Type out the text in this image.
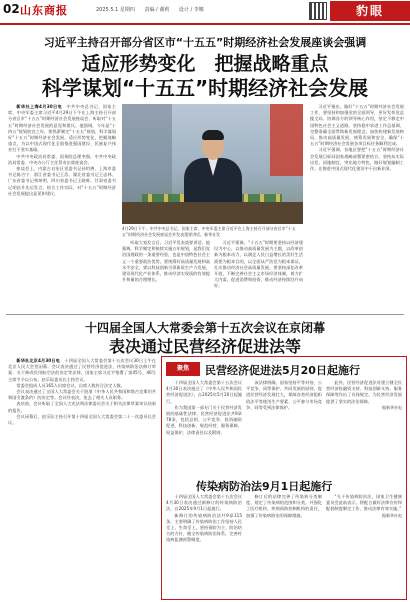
02 山东商报	2025.5.1 星期四 责编 / 谢莉 设计 / 李娜	豹眼
习近平主持召开部分省区市“十五五”时期经济社会发展座谈会强调
适应形势变化　把握战略重点
科学谋划“十五五”时期经济社会发展

新华社上海4月30日电　 中共中央总书记、国家主席、中央军委主席习近平4月29日下午在上海主持召开部分省区市“十五五”时期经济社会发展座谈会，听取对“十五五”时期经济社会发展的意见和建议。他强调，今年是“十四五”规划收官之年，要抓紧制定“十五五”规划，科学谋划好“十五五”时期经济社会发展，适应形势变化，把握战略重点，为以中国式现代化全面推进强国建设、民族复兴伟业打下坚实基础。

中共中央政治局常委、国务院总理李强，中共中央政治局常委、中央办公厅主任蔡奇出席座谈会。

座谈会上，内蒙古自治区党委书记孙绍骋、上海市委书记陈吉宁、浙江省委书记王浩、湖北省委书记王忠林、广东省委书记黄坤明、四川省委书记王晓晖、甘肃省委书记胡昌升先后发言，结合工作实际，对“十五五”时期经济社会发展提出意见和建议。

4月29日下午，中共中央总书记、国家主席、中央军委主席习近平在上海主持召开部分省区市“十五五”时期经济社会发展座谈会并发表重要讲话。新华社发

听取大家发言后，习近平发表重要讲话。他强调，科学制定和接续实施五年规划，是我们党治国理政的一条重要经验，也是中国特色社会主义一个重要政治优势。要统筹好高质量发展和高水平安全，要以科技创新引领新质生产力发展，建设现代化产业体系，推动经济实现质的有效提升和量的合理增长。

习近平强调，“十五五”时期要坚持以经济建设为中心，以推动高质量发展为主题，以改革创新为根本动力，以满足人民日益增长的美好生活需要为根本目的，以全面从严治党为根本保证，扎实推动经济社会高质量发展。要坚持深化改革开放，不断完善社会主义市场经济体制，着力扩大内需，促进消费和投资，推动经济持续回升向好。

习近平指出，做好“十五五”时期经济社会发展工作，要坚持和加强党的全面领导，更好发挥党总揽全局、协调各方的领导核心作用，坚定不移走中国特色社会主义道路，坚持稳中求进工作总基调，完整准确全面贯彻新发展理念，加快构建新发展格局，推动高质量发展，统筹发展和安全，确保“十五五”时期经济社会发展各项目标任务顺利完成。

习近平强调，各地区要把“十五五”时期经济社会发展目标同国家战略部署紧密结合，坚持从实际出发，因地制宜，突出地方特色，做好规划编制工作，在推进中国式现代化建设中干出新业绩。

十四届全国人大常委会第十五次会议在京闭幕
表决通过民营经济促进法等

新华社北京4月30日电　 十四届全国人大常委会第十五次会议30日上午在北京人民大会堂闭幕。会议表决通过了民营经济促进法、传染病防治法修订草案、关于修改民用航空法的决定等法律。国家主席习近平签署了第45号、46号主席令予以公布。赵乐际委员长主持会议。

常委会组成人员165人出席会议，出席人数符合法定人数。

会议表决通过了全国人大常委会关于批准《中华人民共和国和塔吉克斯坦共和国引渡条约》的决定等。会议经表决，免去了相关人员职务。

表决前，会议听取了全国人大宪法和法律委员会关于相关法律草案审议结果的报告。

会议闭幕后，赵乐际主持召开第十四届全国人大常委会第二十一次委员长会议。

聚焦	民营经济促进法5月20日起施行

十四届全国人大常委会第十五次会议4月30日表决通过了《中华人民共和国民营经济促进法》，自2025年5月20日起施行。

作为我国第一部专门关于民营经济发展的基础性法律，民营经济促进法共9章78条，包括总则、公平竞争、投资融资促进、科技创新、规范经营、服务保障、权益保护、法律责任以及附则。

该法律明确，国家坚持平等对待、公平竞争、同等保护、共同发展的原则，促进民营经济发展壮大，保障各类经济组织依法平等使用生产要素、公平参与市场竞争、同等受到法律保护。

此外，民营经济促进法对建立健全民营经济投融资支持、科技创新支持、服务保障等作出了具体规定，为民营经济发展提供了坚实的法治保障。

据新华社电

传染病防治法9月1日起施行

十四届全国人大常委会第十五次会议4月30日表决通过新修订的传染病防治法，自2025年9月1日起施行。

新修订的传染病防治法共9章115条，主要明确了传染病防治工作坚持人民至上、生命至上，坚持预防为主、防治结合的方针，健全传染病防治体系，完善传染病监测预警制度。

修订后的法律完善了传染病分类制度，规定了传染病的范围和分类，并强化了医疗机构、疾病预防控制机构的责任，加强了传染病防治的保障措施。

“关于传染病防治法，国家卫生健康委员会此前表示，将配合做好法律宣传和配套制度制定工作，推动法律有效实施。”

据新华社电
